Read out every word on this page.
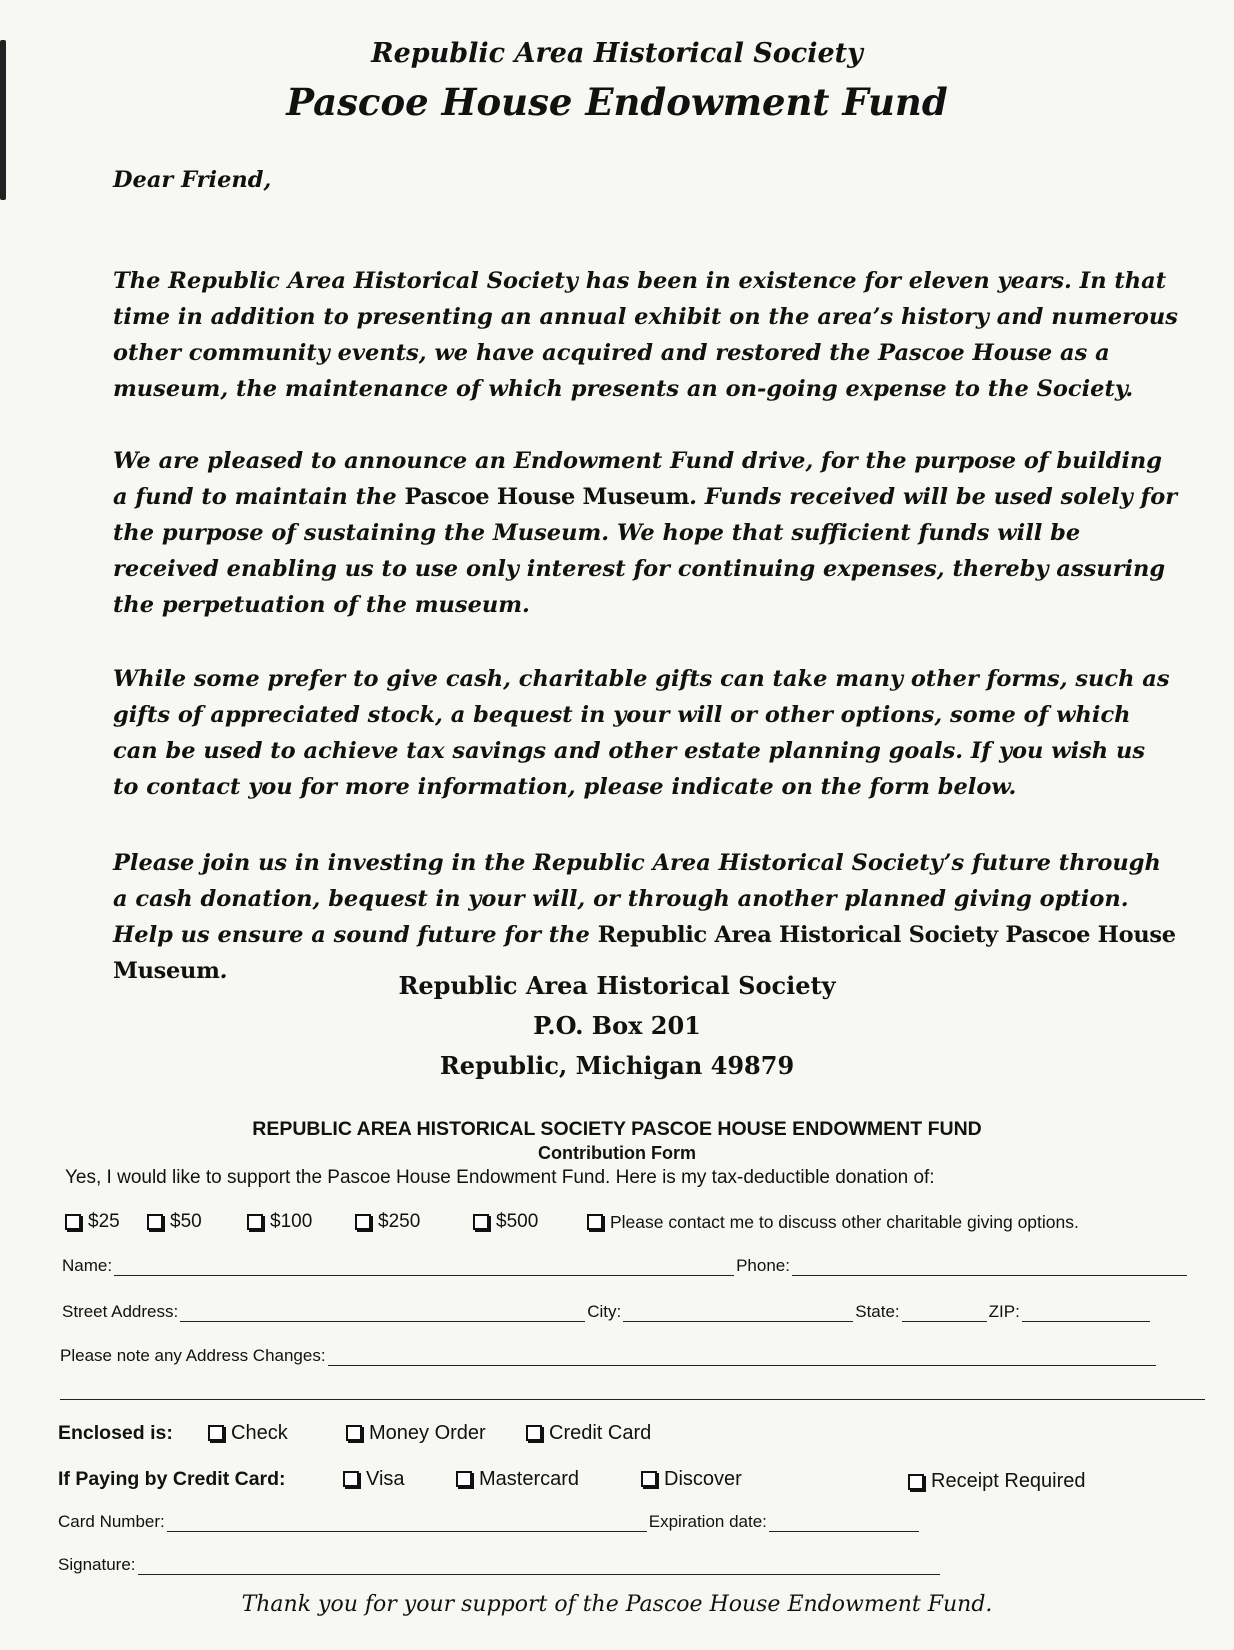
Republic Area Historical Society
Pascoe House Endowment Fund
Dear Friend,

The Republic Area Historical Society has been in existence for eleven years. In that time in addition to presenting an annual exhibit on the area’s history and numerous other community events, we have acquired and restored the Pascoe House as a museum, the maintenance of which presents an on-going expense to the Society.

We are pleased to announce an Endowment Fund drive, for the purpose of building a fund to maintain the Pascoe House Museum. Funds received will be used solely for the purpose of sustaining the Museum. We hope that sufficient funds will be received enabling us to use only interest for continuing expenses, thereby assuring the perpetuation of the museum.

While some prefer to give cash, charitable gifts can take many other forms, such as gifts of appreciated stock, a bequest in your will or other options, some of which can be used to achieve tax savings and other estate planning goals. If you wish us to contact you for more information, please indicate on the form below.

Please join us in investing in the Republic Area Historical Society’s future through a cash donation, bequest in your will, or through another planned giving option. Help us ensure a sound future for the Republic Area Historical Society Pascoe House Museum.

Republic Area Historical Society
P.O. Box 201
Republic, Michigan 49879
REPUBLIC AREA HISTORICAL SOCIETY PASCOE HOUSE ENDOWMENT FUND
Contribution Form
Yes, I would like to support the Pascoe House Endowment Fund. Here is my tax-deductible donation of:
$25	$50	$100	$250	$500	Please contact me to discuss other charitable giving options.
Name:	Phone:
Street Address:	City:	State:	ZIP:
Please note any Address Changes:
Enclosed is:	Check	Money Order	Credit Card
If Paying by Credit Card:	Visa	Mastercard	Discover	Receipt Required
Card Number:	Expiration date:
Signature:
Thank you for your support of the Pascoe House Endowment Fund.
